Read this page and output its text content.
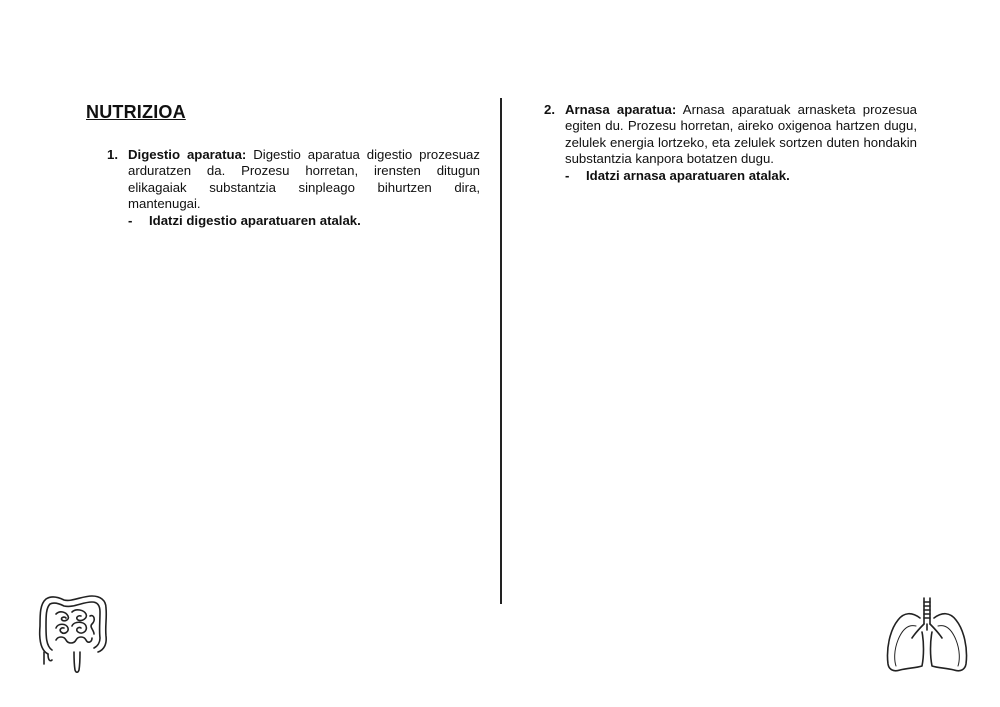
NUTRIZIOA
1. Digestio aparatua: Digestio aparatua digestio prozesuaz arduratzen da. Prozesu horretan, irensten ditugun elikagaiak substantzia sinpleago bihurtzen dira, mantenugai.
- Idatzi digestio aparatuaren atalak.
2. Arnasa aparatua: Arnasa aparatuak arnasketa prozesua egiten du. Prozesu horretan, aireko oxigenoa hartzen dugu, zelulek energia lortzeko, eta zelulek sortzen duten hondakin substantzia kanpora botatzen dugu.
- Idatzi arnasa aparatuaren atalak.
